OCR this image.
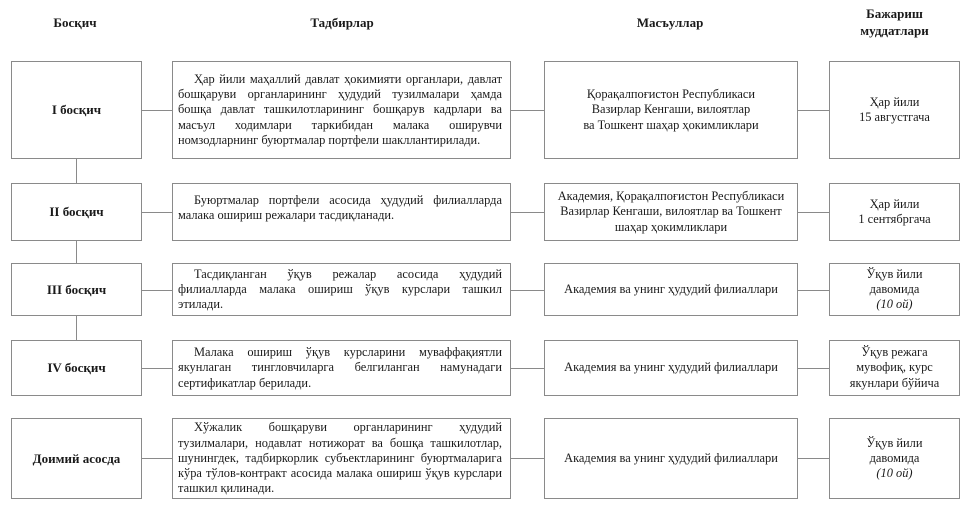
Босқич	Тадбирлар	Масъуллар
Бажариш
муддатлари
I босқич
Ҳар йили маҳаллий давлат ҳокимияти органлари, давлат бошқаруви органларининг ҳудудий тузилмалари ҳамда бошқа давлат ташкилотларининг бошқарув кадрлари ва масъул ходимлари таркибидан малака оширувчи номзодларнинг буюртмалар портфели шакллантирилади.
Қорақалпоғистон Республикаси
Вазирлар Кенгаши, вилоятлар
ва Тошкент шаҳар ҳокимликлари
Ҳар йили
15 августгача
II босқич
Буюртмалар портфели асосида ҳудудий филиалларда малака ошириш режалари тасдиқланади.
Академия, Қорақалпоғистон Республикаси
Вазирлар Кенгаши, вилоятлар ва Тошкент
шаҳар ҳокимликлари
Ҳар йили
1 сентябргача
III босқич
Тасдиқланган ўқув режалар асосида ҳудудий филиалларда малака ошириш ўқув курслари ташкил этилади.
Академия ва унинг ҳудудий филиаллари
Ўқув йили
давомида
(10 ой)
IV босқич
Малака ошириш ўқув курсларини муваффақиятли якунлаган тингловчиларга белгиланган намунадаги сертификатлар берилади.
Академия ва унинг ҳудудий филиаллари
Ўқув режага
мувофиқ, курс
якунлари бўйича
Доимий асосда
Хўжалик бошқаруви органларининг ҳудудий тузилмалари, нодавлат нотижорат ва бошқа ташкилотлар, шунингдек, тадбиркорлик субъектларининг буюртмаларига кўра тўлов-контракт асосида малака ошириш ўқув курслари ташкил қилинади.
Академия ва унинг ҳудудий филиаллари
Ўқув йили
давомида
(10 ой)
